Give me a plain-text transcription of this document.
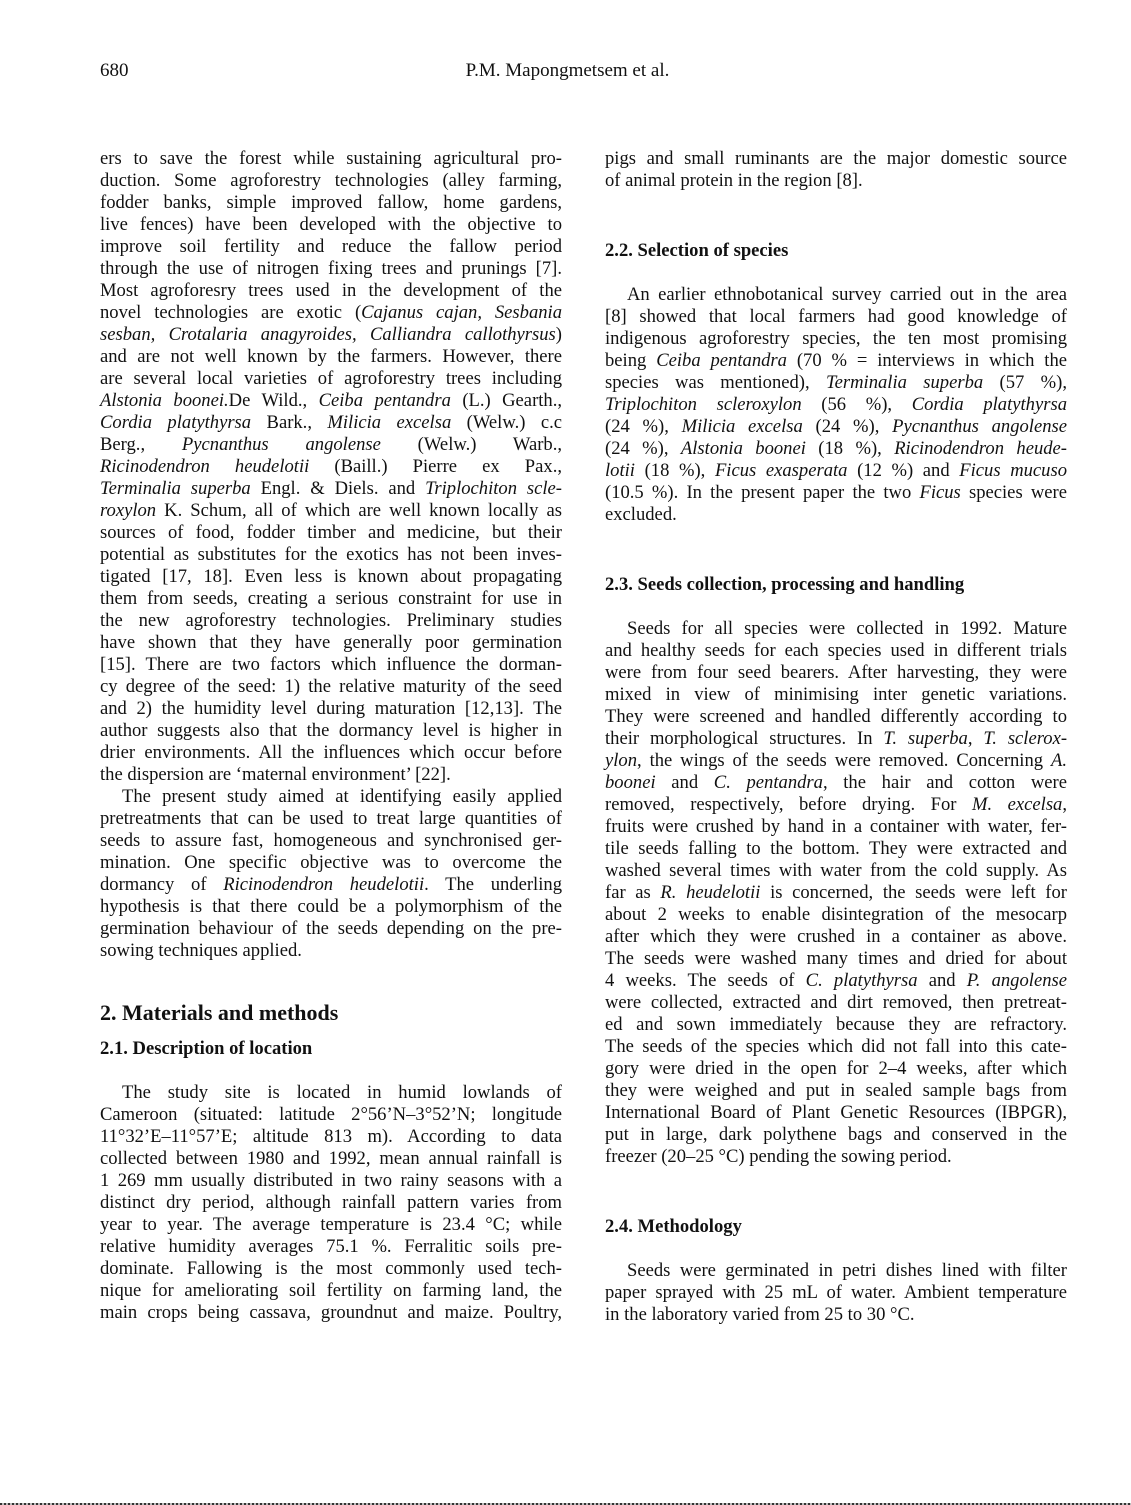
680	P.M. Mapongmetsem et al.
ers to save the forest while sustaining agricultural pro-
duction. Some agroforestry technologies (alley farming,
fodder banks, simple improved fallow, home gardens,
live fences) have been developed with the objective to
improve soil fertility and reduce the fallow period
through the use of nitrogen fixing trees and prunings [7].
Most agroforesry trees used in the development of the
novel technologies are exotic (Cajanus cajan, Sesbania
sesban, Crotalaria anagyroides, Calliandra callothyrsus)
and are not well known by the farmers. However, there
are several local varieties of agroforestry trees including
Alstonia boonei.De Wild., Ceiba pentandra (L.) Gearth.,
Cordia platythyrsa Bark., Milicia excelsa (Welw.) c.c
Berg., Pycnanthus angolense (Welw.) Warb.,
Ricinodendron heudelotii (Baill.) Pierre ex Pax.,
Terminalia superba Engl. & Diels. and Triplochiton scle-
roxylon K. Schum, all of which are well known locally as
sources of food, fodder timber and medicine, but their
potential as substitutes for the exotics has not been inves-
tigated [17, 18]. Even less is known about propagating
them from seeds, creating a serious constraint for use in
the new agroforestry technologies. Preliminary studies
have shown that they have generally poor germination
[15]. There are two factors which influence the dorman-
cy degree of the seed: 1) the relative maturity of the seed
and 2) the humidity level during maturation [12,13]. The
author suggests also that the dormancy level is higher in
drier environments. All the influences which occur before
the dispersion are ‘maternal environment’ [22].
The present study aimed at identifying easily applied
pretreatments that can be used to treat large quantities of
seeds to assure fast, homogeneous and synchronised ger-
mination. One specific objective was to overcome the
dormancy of Ricinodendron heudelotii. The underling
hypothesis is that there could be a polymorphism of the
germination behaviour of the seeds depending on the pre-
sowing techniques applied.
2. Materials and methods
2.1. Description of location
The study site is located in humid lowlands of
Cameroon (situated: latitude 2°56’N–3°52’N; longitude
11°32’E–11°57’E; altitude 813 m). According to data
collected between 1980 and 1992, mean annual rainfall is
1 269 mm usually distributed in two rainy seasons with a
distinct dry period, although rainfall pattern varies from
year to year. The average temperature is 23.4 °C; while
relative humidity averages 75.1 %. Ferralitic soils pre-
dominate. Fallowing is the most commonly used tech-
nique for ameliorating soil fertility on farming land, the
main crops being cassava, groundnut and maize. Poultry,
pigs and small ruminants are the major domestic source
of animal protein in the region [8].
2.2. Selection of species
An earlier ethnobotanical survey carried out in the area
[8] showed that local farmers had good knowledge of
indigenous agroforestry species, the ten most promising
being Ceiba pentandra (70 % = interviews in which the
species was mentioned), Terminalia superba (57 %),
Triplochiton scleroxylon (56 %), Cordia platythyrsa
(24 %), Milicia excelsa (24 %), Pycnanthus angolense
(24 %), Alstonia boonei (18 %), Ricinodendron heude-
lotii (18 %), Ficus exasperata (12 %) and Ficus mucuso
(10.5 %). In the present paper the two Ficus species were
excluded.
2.3. Seeds collection, processing and handling
Seeds for all species were collected in 1992. Mature
and healthy seeds for each species used in different trials
were from four seed bearers. After harvesting, they were
mixed in view of minimising inter genetic variations.
They were screened and handled differently according to
their morphological structures. In T. superba, T. sclerox-
ylon, the wings of the seeds were removed. Concerning A.
boonei and C. pentandra, the hair and cotton were
removed, respectively, before drying. For M. excelsa,
fruits were crushed by hand in a container with water, fer-
tile seeds falling to the bottom. They were extracted and
washed several times with water from the cold supply. As
far as R. heudelotii is concerned, the seeds were left for
about 2 weeks to enable disintegration of the mesocarp
after which they were crushed in a container as above.
The seeds were washed many times and dried for about
4 weeks. The seeds of C. platythyrsa and P. angolense
were collected, extracted and dirt removed, then pretreat-
ed and sown immediately because they are refractory.
The seeds of the species which did not fall into this cate-
gory were dried in the open for 2–4 weeks, after which
they were weighed and put in sealed sample bags from
International Board of Plant Genetic Resources (IBPGR),
put in large, dark polythene bags and conserved in the
freezer (20–25 °C) pending the sowing period.
2.4. Methodology
Seeds were germinated in petri dishes lined with filter
paper sprayed with 25 mL of water. Ambient temperature
in the laboratory varied from 25 to 30 °C.
